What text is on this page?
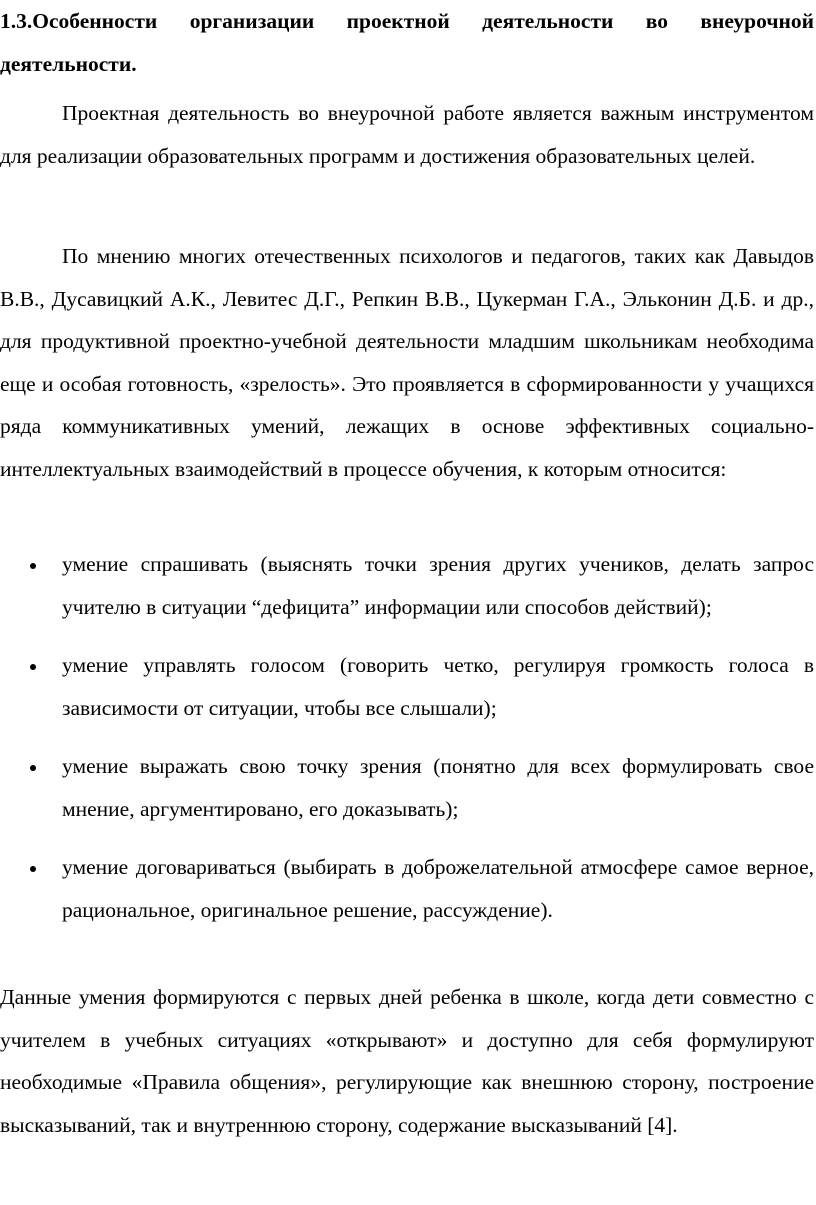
1.3.Особенности организации проектной деятельности во внеурочной деятельности.

Проектная деятельность во внеурочной работе является важным инструментом для реализации образовательных программ и достижения образовательных целей.

По мнению многих отечественных психологов и педагогов, таких как Давыдов В.В., Дусавицкий А.К., Левитес Д.Г., Репкин В.В., Цукерман Г.А., Эльконин Д.Б. и др., для продуктивной проектно-учебной деятельности младшим школьникам необходима еще и особая готовность, «зрелость». Это проявляется в сформированности у учащихся ряда коммуникативных умений, лежащих в основе эффективных социально-интеллектуальных взаимодействий в процессе обучения, к которым относится:

умение спрашивать (выяснять точки зрения других учеников, делать запрос учителю в ситуации “дефицита” информации или способов действий);

умение управлять голосом (говорить четко, регулируя громкость голоса в зависимости от ситуации, чтобы все слышали);

умение выражать свою точку зрения (понятно для всех формулировать свое мнение, аргументировано, его доказывать);

умение договариваться (выбирать в доброжелательной атмосфере самое верное, рациональное, оригинальное решение, рассуждение).

Данные умения формируются с первых дней ребенка в школе, когда дети совместно с учителем в учебных ситуациях «открывают» и доступно для себя формулируют необходимые «Правила общения», регулирующие как внешнюю сторону, построение высказываний, так и внутреннюю сторону, содержание высказываний [4].
